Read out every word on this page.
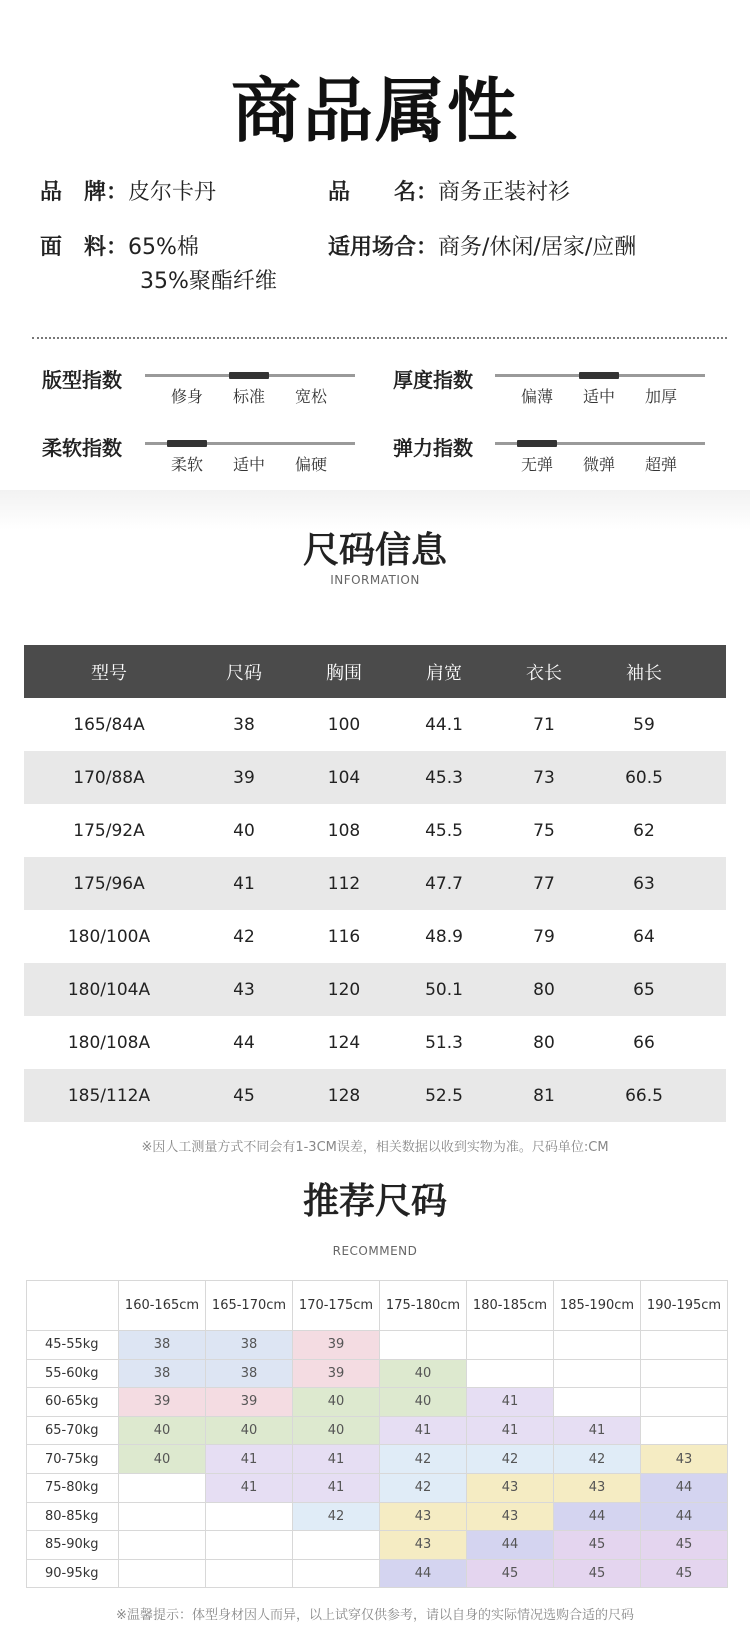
商品属性
品　牌：皮尔卡丹	品　　名：商务正装衬衫
面　料：65%棉
35%聚酯纤维
适用场合：商务/休闲/居家/应酬
版型指数
修身	标准	宽松
厚度指数
偏薄	适中	加厚
柔软指数
柔软	适中	偏硬
弹力指数
无弹	微弹	超弹
尺码信息
INFORMATION
型号	尺码	胸围	肩宽	衣长	袖长
165/84A	38	100	44.1	71	59
170/88A	39	104	45.3	73	60.5
175/92A	40	108	45.5	75	62
175/96A	41	112	47.7	77	63
180/100A	42	116	48.9	79	64
180/104A	43	120	50.1	80	65
180/108A	44	124	51.3	80	66
185/112A	45	128	52.5	81	66.5
※因人工测量方式不同会有1-3CM误差，相关数据以收到实物为准。尺码单位:CM
推荐尺码
RECOMMEND
	160-165cm	165-170cm	170-175cm	175-180cm	180-185cm	185-190cm	190-195cm
45-55kg	38	38	39				
55-60kg	38	38	39	40			
60-65kg	39	39	40	40	41		
65-70kg	40	40	40	41	41	41	
70-75kg	40	41	41	42	42	42	43
75-80kg		41	41	42	43	43	44
80-85kg			42	43	43	44	44
85-90kg				43	44	45	45
90-95kg				44	45	45	45
※温馨提示：体型身材因人而异，以上试穿仅供参考，请以自身的实际情况选购合适的尺码
